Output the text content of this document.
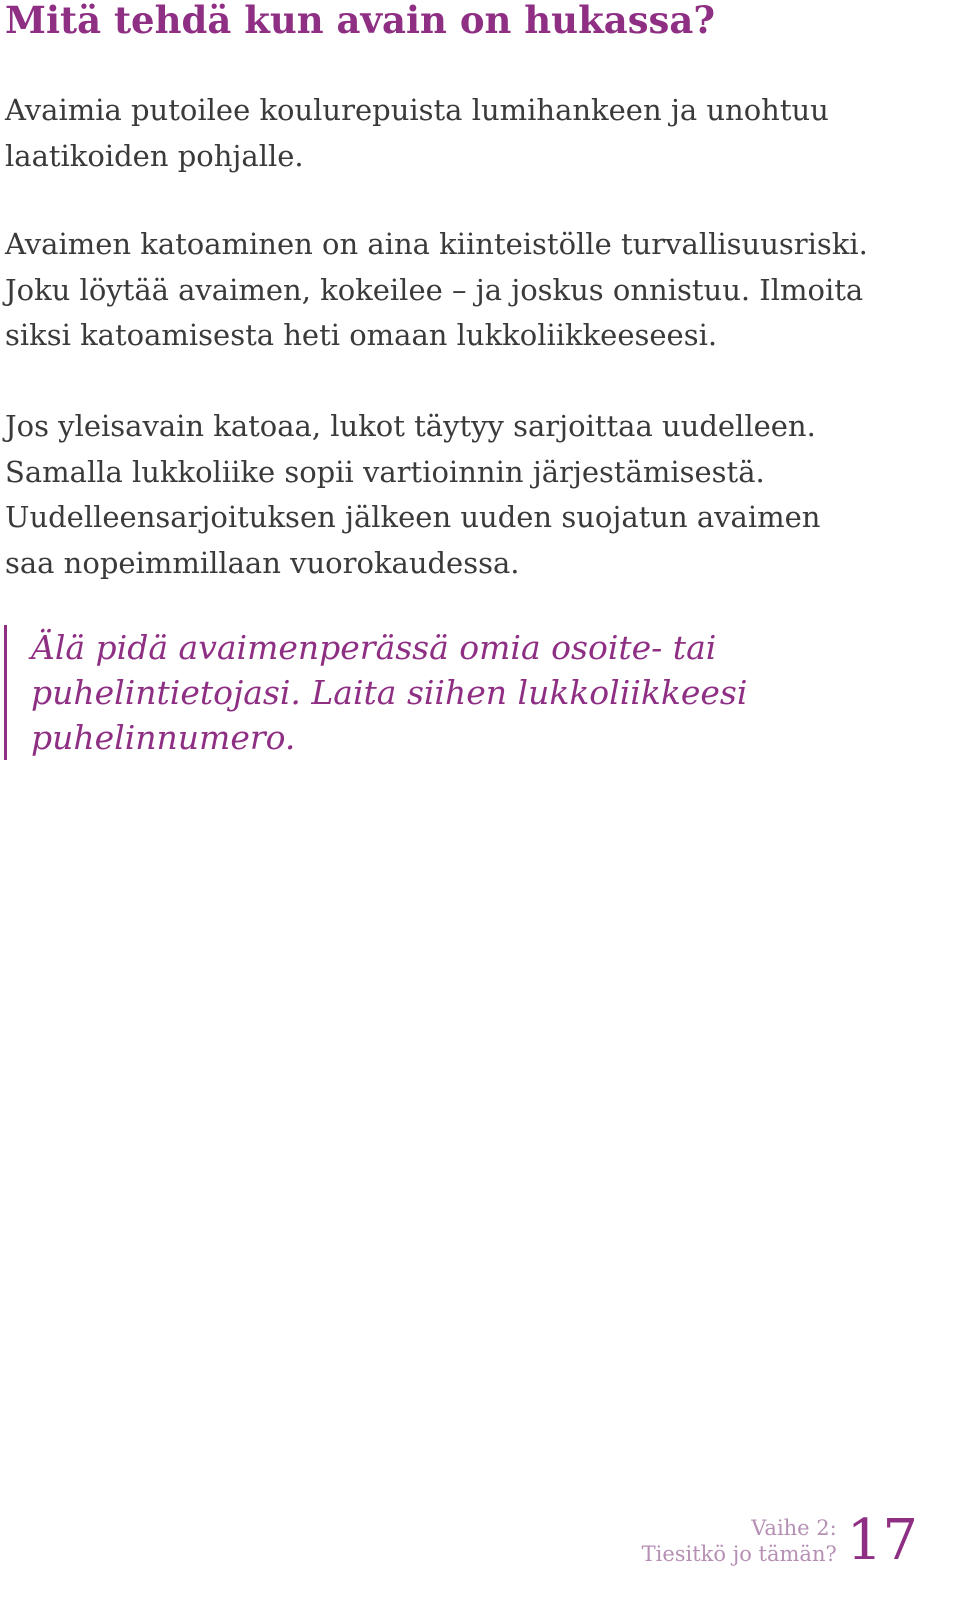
Mitä tehdä kun avain on hukassa?
Avaimia putoilee koulurepuista lumihankeen ja unohtuu
laatikoiden pohjalle.
Avaimen katoaminen on aina kiinteistölle turvallisuusriski.
Joku löytää avaimen, kokeilee – ja joskus onnistuu. Ilmoita
siksi katoamisesta heti omaan lukkoliikkeeseesi.
Jos yleisavain katoaa, lukot täytyy sarjoittaa uudelleen.
Samalla lukkoliike sopii vartioinnin järjestämisestä.
Uudelleensarjoituksen jälkeen uuden suojatun avaimen
saa nopeimmillaan vuorokaudessa.
Älä pidä avaimenperässä omia osoite- tai
puhelintietojasi. Laita siihen lukkoliikkeesi
puhelinnumero.
Vaihe 2:
Tiesitkö jo tämän? 17
